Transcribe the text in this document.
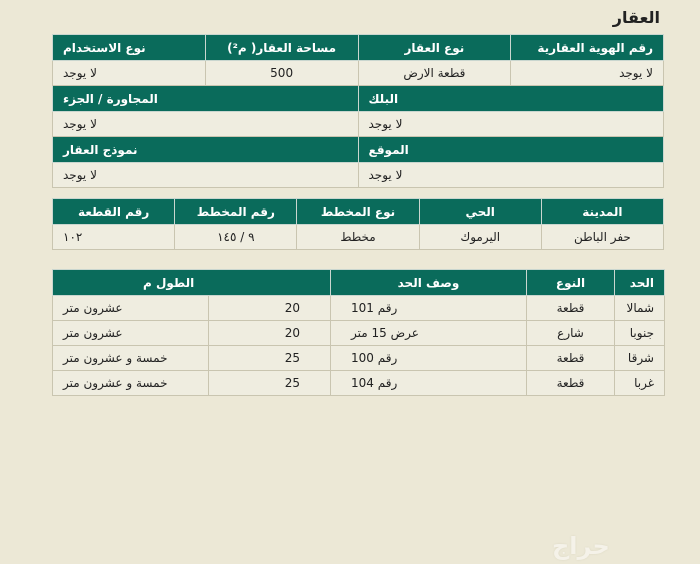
العقار
رقم الهوية العقارية	نوع العقار	مساحة العقار( م²)	نوع الاستخدام
لا يوجد	قطعة الارض	500	لا يوجد
البلك		المجاورة / الجزء	
لا يوجد		لا يوجد	
الموقع		نموذج العقار	
لا يوجد		لا يوجد	
المدينة	الحي	نوع المخطط	رقم المخطط	رقم القطعة
حفر الباطن	اليرموك	مخطط	٩ / ١٤٥	١٠٢
الحد	النوع	وصف الحد	الطول م	
شمالا	قطعة	رقم 101	20	عشرون متر
جنوبا	شارع	عرض 15 متر	20	عشرون متر
شرقا	قطعة	رقم 100	25	خمسة و عشرون متر
غربا	قطعة	رقم 104	25	خمسة و عشرون متر
حراج
